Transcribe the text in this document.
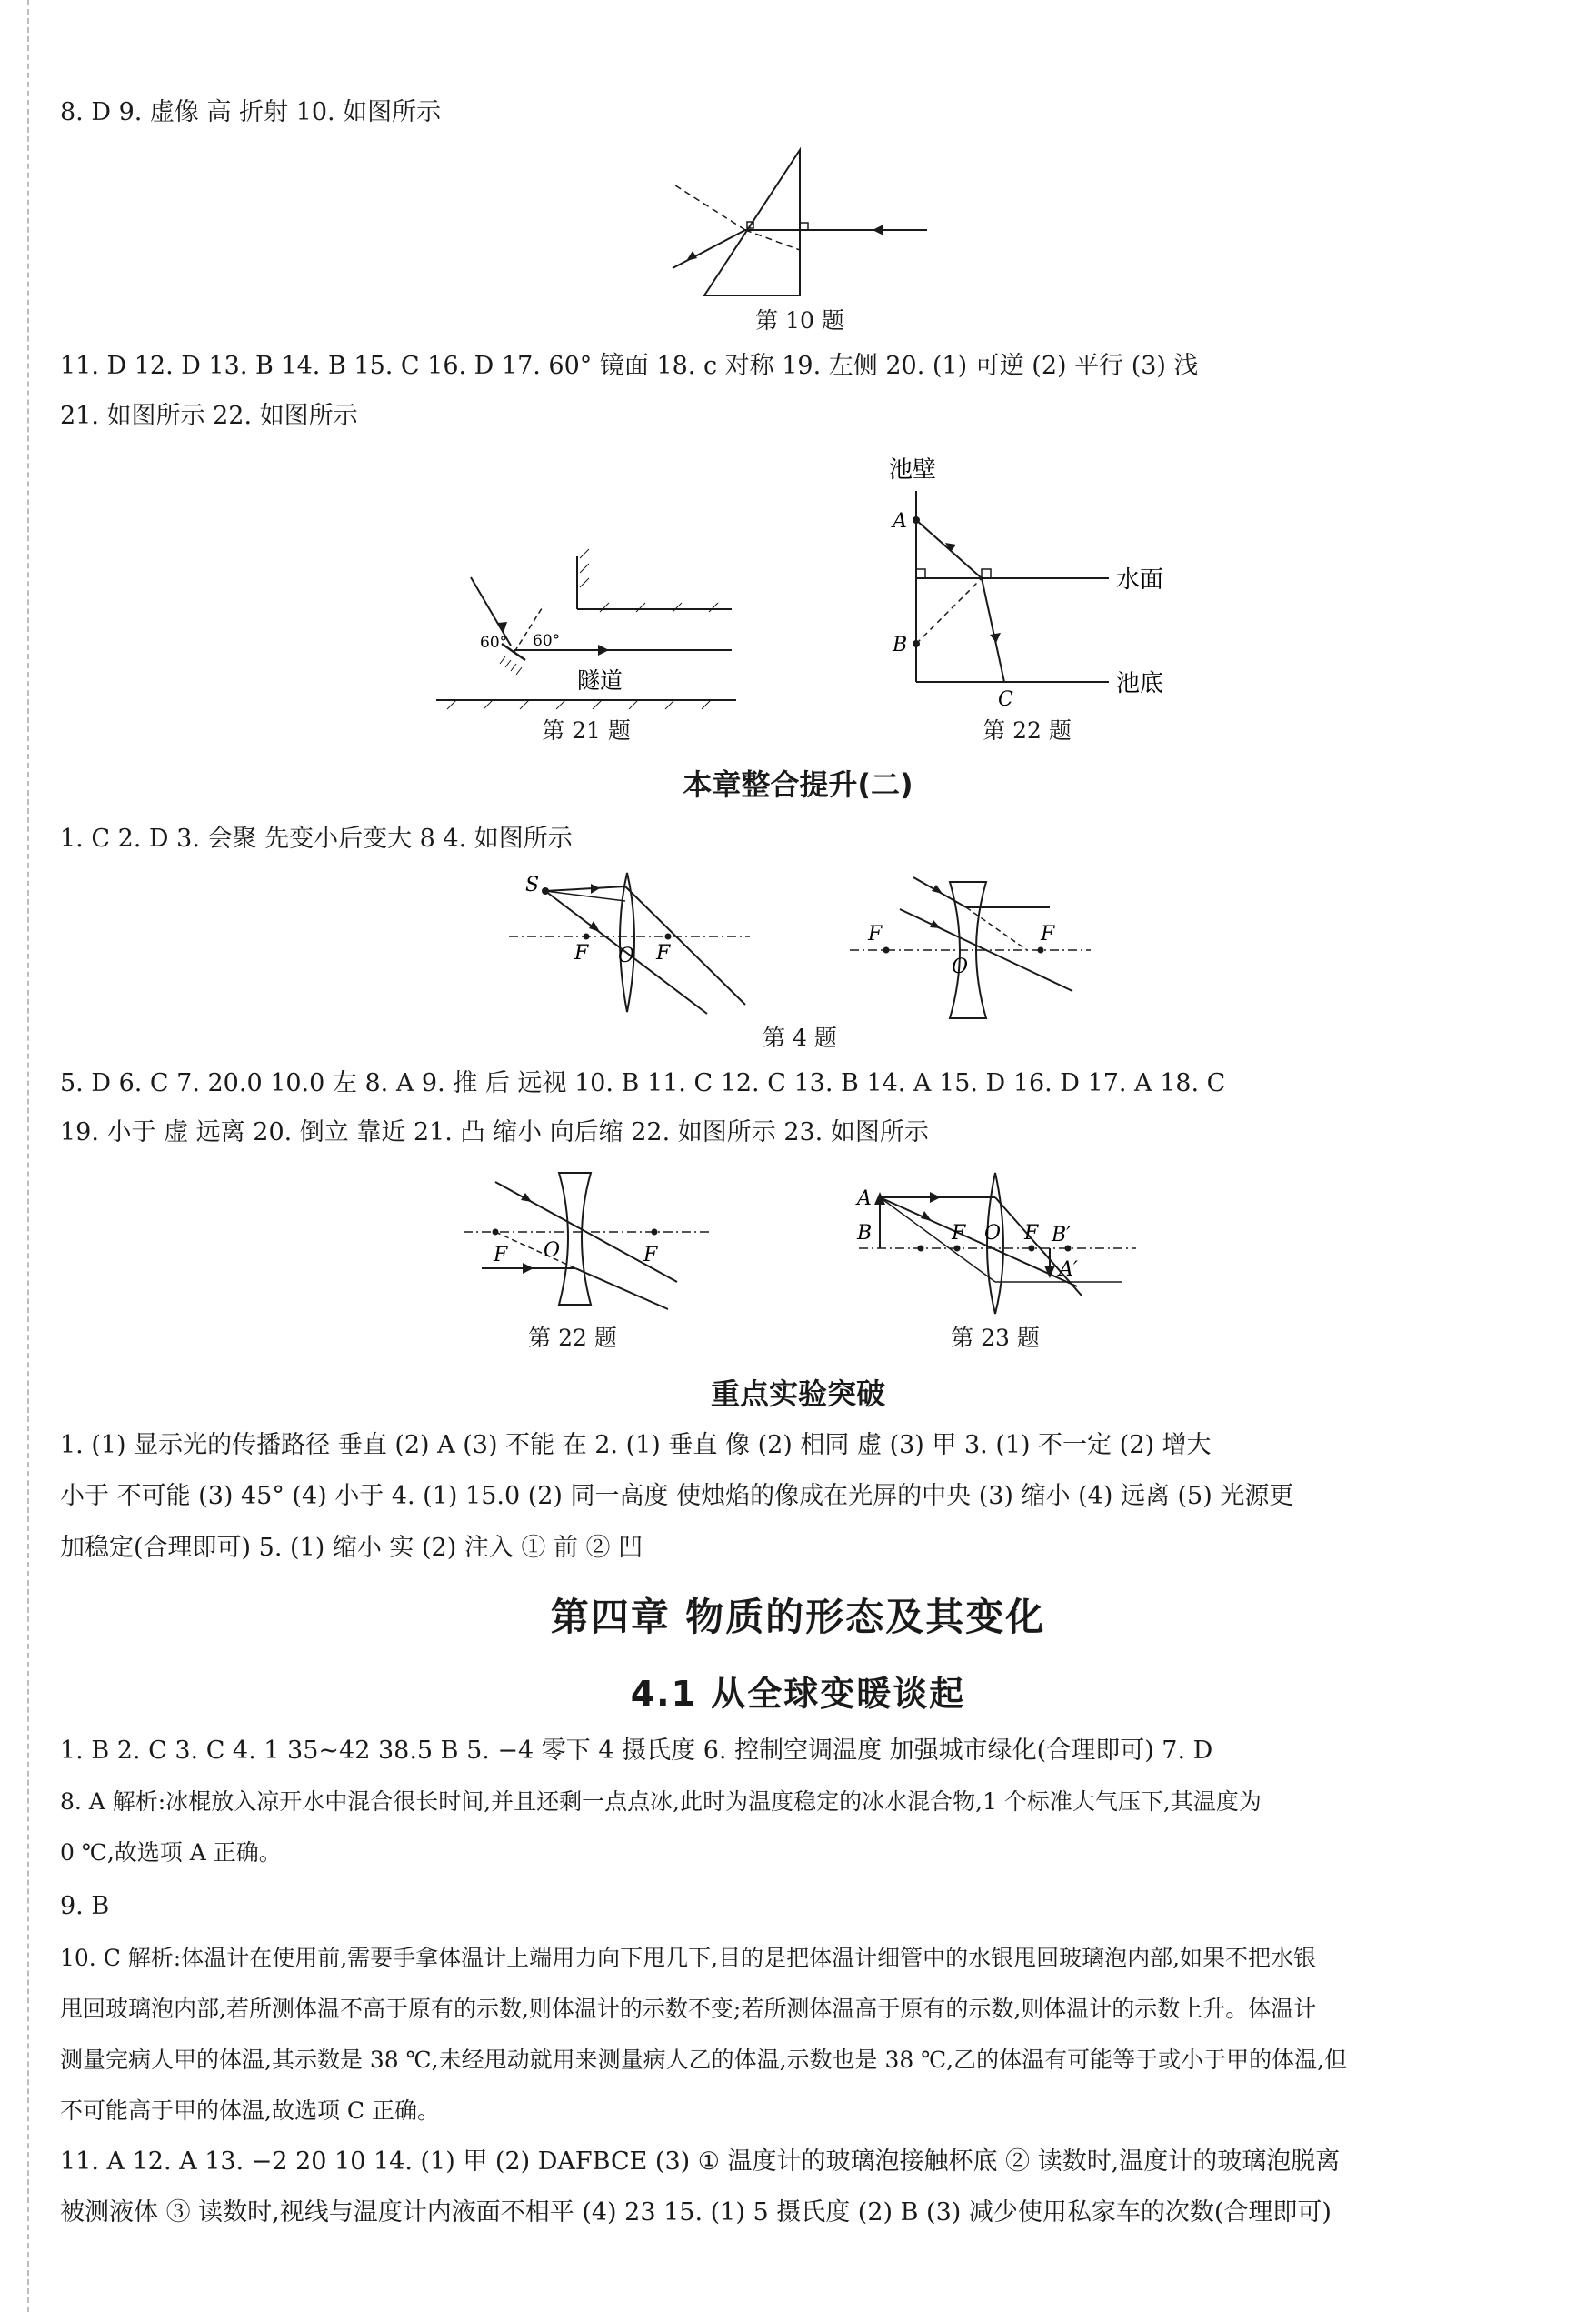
8. D 9. 虚像 高 折射 10. 如图所示
第 10 题
11. D 12. D 13. B 14. B 15. C 16. D 17. 60° 镜面 18. c 对称 19. 左侧 20. (1) 可逆 (2) 平行 (3) 浅
21. 如图所示 22. 如图所示
60° 60°
隧道
第 21 题
池壁
水面
池底
A
B
C
第 22 题
本章整合提升(二)
1. C 2. D 3. 会聚 先变小后变大 8 4. 如图所示
S
F O F
F
O
F
第 4 题
5. D 6. C 7. 20.0 10.0 左 8. A 9. 推 后 远视 10. B 11. C 12. C 13. B 14. A 15. D 16. D 17. A 18. C
19. 小于 虚 远离 20. 倒立 靠近 21. 凸 缩小 向后缩 22. 如图所示 23. 如图所示
F O	F
第 22 题
A
B	F O F B′
A′
第 23 题
重点实验突破
1. (1) 显示光的传播路径 垂直 (2) A (3) 不能 在 2. (1) 垂直 像 (2) 相同 虚 (3) 甲 3. (1) 不一定 (2) 增大
小于 不可能 (3) 45° (4) 小于 4. (1) 15.0 (2) 同一高度 使烛焰的像成在光屏的中央 (3) 缩小 (4) 远离 (5) 光源更
加稳定(合理即可) 5. (1) 缩小 实 (2) 注入 ① 前 ② 凹
第四章 物质的形态及其变化
4.1 从全球变暖谈起
1. B 2. C 3. C 4. 1 35~42 38.5 B 5. −4 零下 4 摄氏度 6. 控制空调温度 加强城市绿化(合理即可) 7. D
8. A 解析:冰棍放入凉开水中混合很长时间,并且还剩一点点冰,此时为温度稳定的冰水混合物,1 个标准大气压下,其温度为
0 ℃,故选项 A 正确。
9. B
10. C 解析:体温计在使用前,需要手拿体温计上端用力向下甩几下,目的是把体温计细管中的水银甩回玻璃泡内部,如果不把水银
甩回玻璃泡内部,若所测体温不高于原有的示数,则体温计的示数不变;若所测体温高于原有的示数,则体温计的示数上升。体温计
测量完病人甲的体温,其示数是 38 ℃,未经甩动就用来测量病人乙的体温,示数也是 38 ℃,乙的体温有可能等于或小于甲的体温,但
不可能高于甲的体温,故选项 C 正确。
11. A 12. A 13. −2 20 10 14. (1) 甲 (2) DAFBCE (3) ① 温度计的玻璃泡接触杯底 ② 读数时,温度计的玻璃泡脱离
被测液体 ③ 读数时,视线与温度计内液面不相平 (4) 23 15. (1) 5 摄氏度 (2) B (3) 减少使用私家车的次数(合理即可)
